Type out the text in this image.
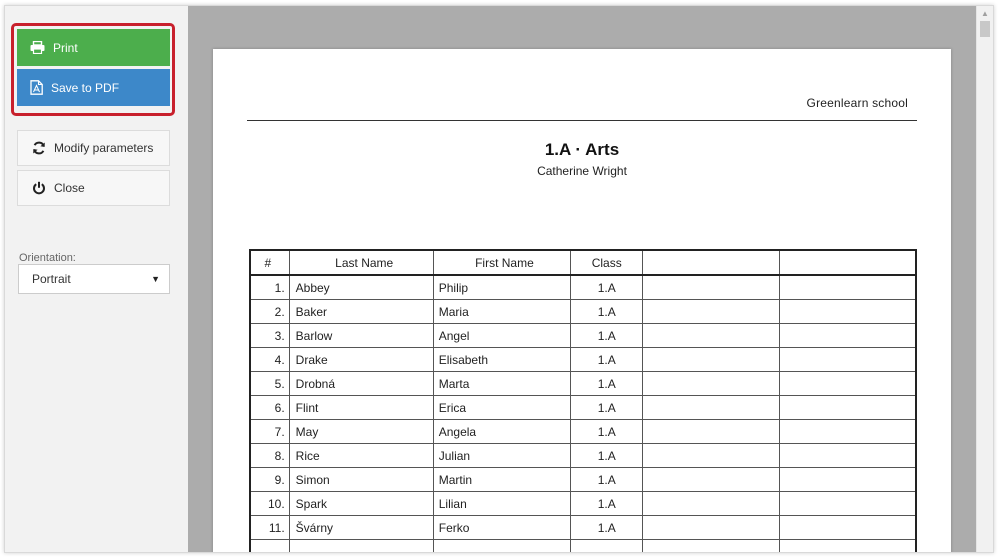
Print
Save to PDF
Modify parameters
Close
Orientation:
Portrait	▼
Greenlearn school
1.A · Arts
Catherine Wright
#	Last Name	First Name	Class		
1.	Abbey	Philip	1.A		
2.	Baker	Maria	1.A		
3.	Barlow	Angel	1.A		
4.	Drake	Elisabeth	1.A		
5.	Drobná	Marta	1.A		
6.	Flint	Erica	1.A		
7.	May	Angela	1.A		
8.	Rice	Julian	1.A		
9.	Simon	Martin	1.A		
10.	Spark	Lilian	1.A		
11.	Švárny	Ferko	1.A		

▲
